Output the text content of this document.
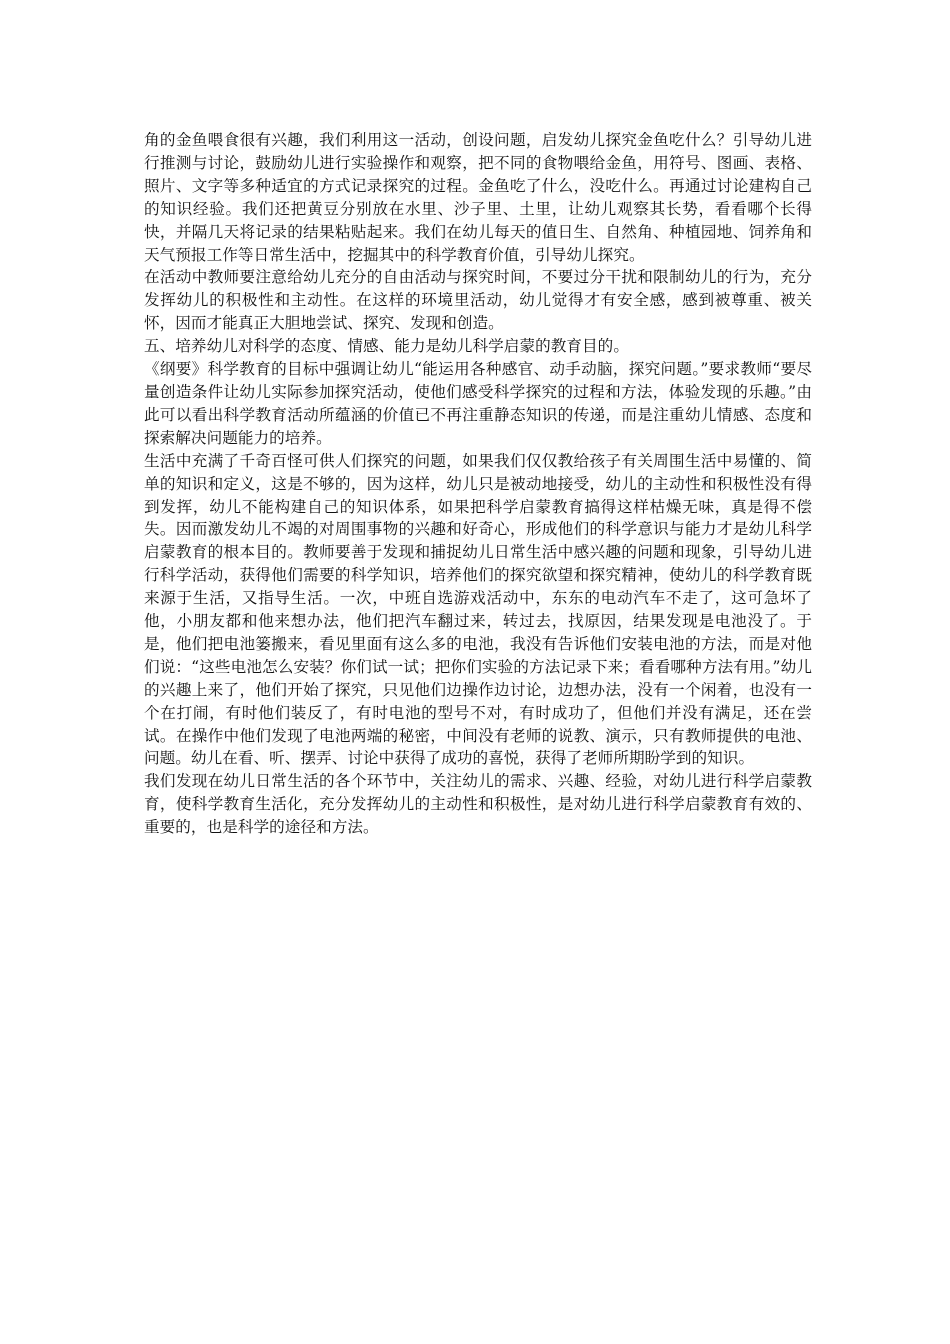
角的金鱼喂食很有兴趣，我们利用这一活动，创设问题，启发幼儿探究金鱼吃什么？引导幼儿进行推测与讨论，鼓励幼儿进行实验操作和观察，把不同的食物喂给金鱼，用符号、图画、表格、照片、文字等多种适宜的方式记录探究的过程。金鱼吃了什么，没吃什么。再通过讨论建构自己的知识经验。我们还把黄豆分别放在水里、沙子里、土里，让幼儿观察其长势，看看哪个长得快，并隔几天将记录的结果粘贴起来。我们在幼儿每天的值日生、自然角、种植园地、饲养角和天气预报工作等日常生活中，挖掘其中的科学教育价值，引导幼儿探究。

在活动中教师要注意给幼儿充分的自由活动与探究时间，不要过分干扰和限制幼儿的行为，充分发挥幼儿的积极性和主动性。在这样的环境里活动，幼儿觉得才有安全感，感到被尊重、被关怀，因而才能真正大胆地尝试、探究、发现和创造。

五、培养幼儿对科学的态度、情感、能力是幼儿科学启蒙的教育目的。

《纲要》科学教育的目标中强调让幼儿“能运用各种感官、动手动脑，探究问题。”要求教师“要尽量创造条件让幼儿实际参加探究活动，使他们感受科学探究的过程和方法，体验发现的乐趣。”由此可以看出科学教育活动所蕴涵的价值已不再注重静态知识的传递，而是注重幼儿情感、态度和探索解决问题能力的培养。

生活中充满了千奇百怪可供人们探究的问题，如果我们仅仅教给孩子有关周围生活中易懂的、简单的知识和定义，这是不够的，因为这样，幼儿只是被动地接受，幼儿的主动性和积极性没有得到发挥，幼儿不能构建自己的知识体系，如果把科学启蒙教育搞得这样枯燥无味，真是得不偿失。因而激发幼儿不竭的对周围事物的兴趣和好奇心，形成他们的科学意识与能力才是幼儿科学启蒙教育的根本目的。教师要善于发现和捕捉幼儿日常生活中感兴趣的问题和现象，引导幼儿进行科学活动，获得他们需要的科学知识，培养他们的探究欲望和探究精神，使幼儿的科学教育既来源于生活，又指导生活。一次，中班自选游戏活动中，东东的电动汽车不走了，这可急坏了他，小朋友都和他来想办法，他们把汽车翻过来，转过去，找原因，结果发现是电池没了。于是，他们把电池篓搬来，看见里面有这么多的电池，我没有告诉他们安装电池的方法，而是对他们说：“这些电池怎么安装？你们试一试；把你们实验的方法记录下来；看看哪种方法有用。”幼儿的兴趣上来了，他们开始了探究，只见他们边操作边讨论，边想办法，没有一个闲着，也没有一个在打闹，有时他们装反了，有时电池的型号不对，有时成功了，但他们并没有满足，还在尝试。在操作中他们发现了电池两端的秘密，中间没有老师的说教、演示，只有教师提供的电池、问题。幼儿在看、听、摆弄、讨论中获得了成功的喜悦，获得了老师所期盼学到的知识。

我们发现在幼儿日常生活的各个环节中，关注幼儿的需求、兴趣、经验，对幼儿进行科学启蒙教育，使科学教育生活化，充分发挥幼儿的主动性和积极性，是对幼儿进行科学启蒙教育有效的、重要的，也是科学的途径和方法。
